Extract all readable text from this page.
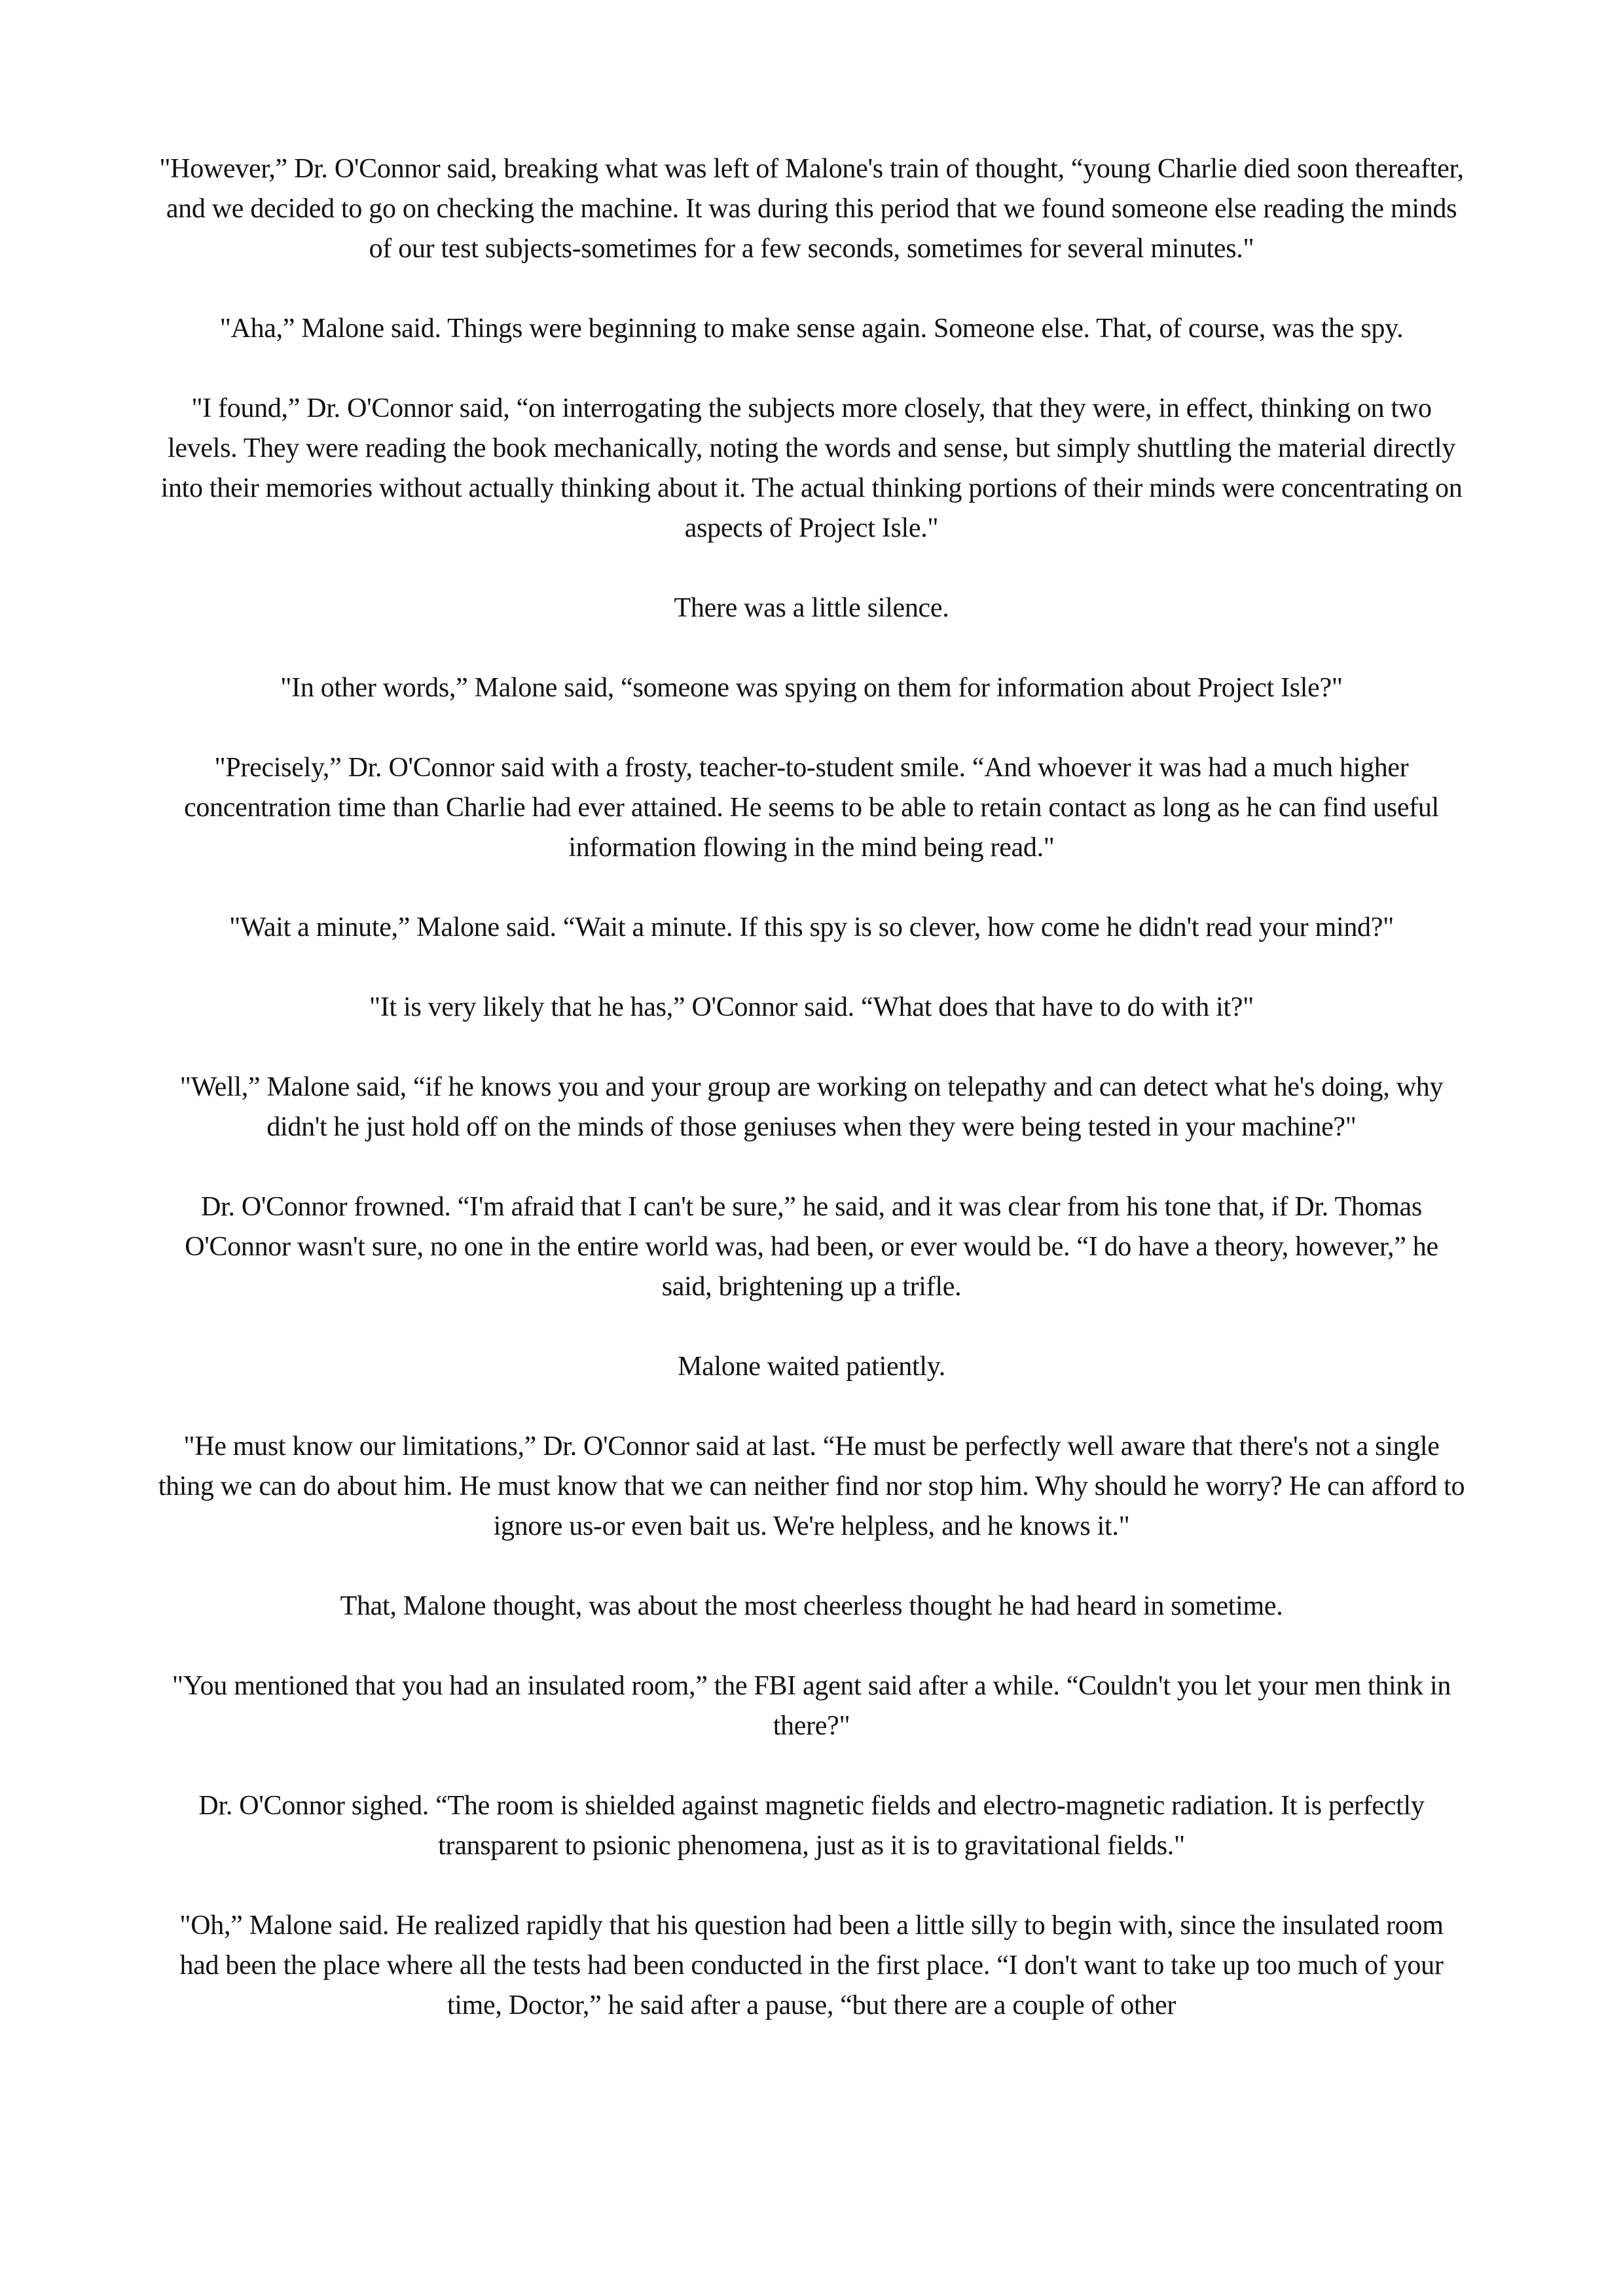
"However,” Dr. O'Connor said, breaking what was left of Malone's train of thought, “young Charlie died soon thereafter, and we decided to go on checking the machine. It was during this period that we found someone else reading the minds of our test subjects-sometimes for a few seconds, sometimes for several minutes."

"Aha,” Malone said. Things were beginning to make sense again. Someone else. That, of course, was the spy.

"I found,” Dr. O'Connor said, “on interrogating the subjects more closely, that they were, in effect, thinking on two levels. They were reading the book mechanically, noting the words and sense, but simply shuttling the material directly into their memories without actually thinking about it. The actual thinking portions of their minds were concentrating on aspects of Project Isle."

There was a little silence.

"In other words,” Malone said, “someone was spying on them for information about Project Isle?"

"Precisely,” Dr. O'Connor said with a frosty, teacher-to-student smile. “And whoever it was had a much higher concentration time than Charlie had ever attained. He seems to be able to retain contact as long as he can find useful information flowing in the mind being read."

"Wait a minute,” Malone said. “Wait a minute. If this spy is so clever, how come he didn't read your mind?"

"It is very likely that he has,” O'Connor said. “What does that have to do with it?"

"Well,” Malone said, “if he knows you and your group are working on telepathy and can detect what he's doing, why didn't he just hold off on the minds of those geniuses when they were being tested in your machine?"

Dr. O'Connor frowned. “I'm afraid that I can't be sure,” he said, and it was clear from his tone that, if Dr. Thomas O'Connor wasn't sure, no one in the entire world was, had been, or ever would be. “I do have a theory, however,” he said, brightening up a trifle.

Malone waited patiently.

"He must know our limitations,” Dr. O'Connor said at last. “He must be perfectly well aware that there's not a single thing we can do about him. He must know that we can neither find nor stop him. Why should he worry? He can afford to ignore us-or even bait us. We're helpless, and he knows it."

That, Malone thought, was about the most cheerless thought he had heard in sometime.

"You mentioned that you had an insulated room,” the FBI agent said after a while. “Couldn't you let your men think in there?"

Dr. O'Connor sighed. “The room is shielded against magnetic fields and electro-magnetic radiation. It is perfectly transparent to psionic phenomena, just as it is to gravitational fields."

"Oh,” Malone said. He realized rapidly that his question had been a little silly to begin with, since the insulated room had been the place where all the tests had been conducted in the first place. “I don't want to take up too much of your time, Doctor,” he said after a pause, “but there are a couple of other
